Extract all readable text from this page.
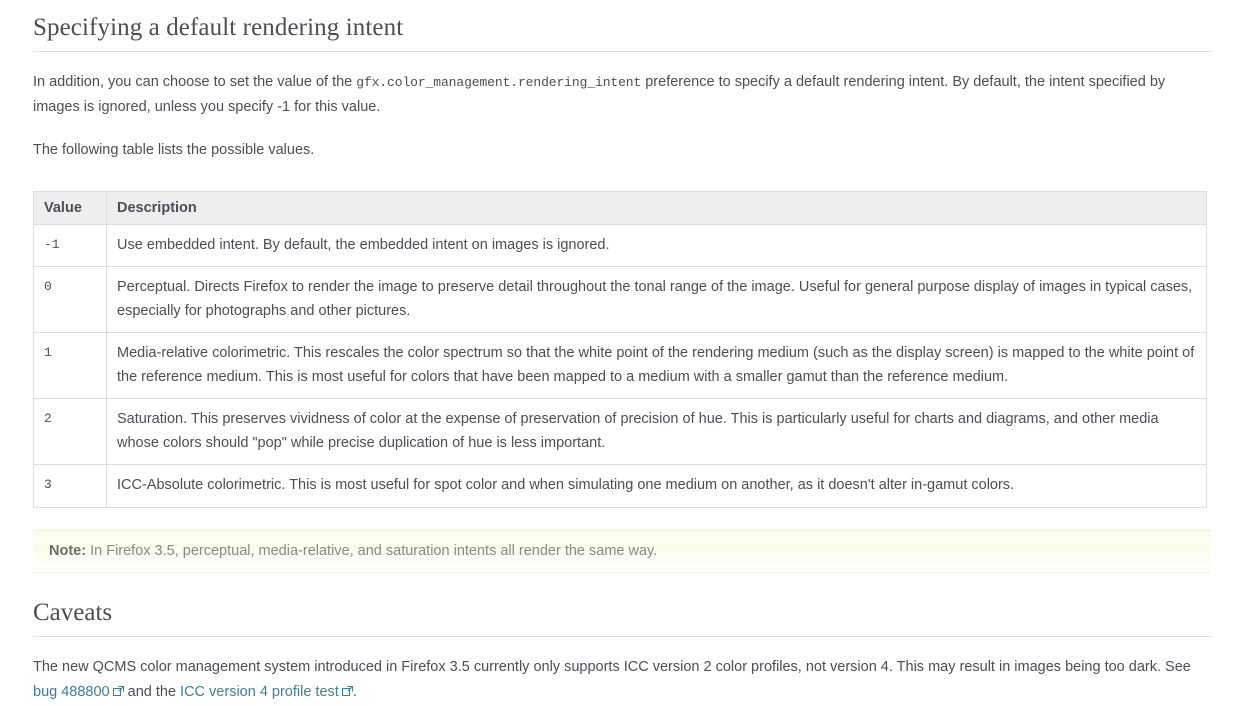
Specifying a default rendering intent

In addition, you can choose to set the value of the gfx.color_management.rendering_intent preference to specify a default rendering intent. By default, the intent specified by images is ignored, unless you specify -1 for this value.

The following table lists the possible values.

Value	Description
-1	Use embedded intent. By default, the embedded intent on images is ignored.
0	Perceptual. Directs Firefox to render the image to preserve detail throughout the tonal range of the image. Useful for general purpose display of images in typical cases, especially for photographs and other pictures.
1	Media-relative colorimetric. This rescales the color spectrum so that the white point of the rendering medium (such as the display screen) is mapped to the white point of the reference medium. This is most useful for colors that have been mapped to a medium with a smaller gamut than the reference medium.
2	Saturation. This preserves vividness of color at the expense of preservation of precision of hue. This is particularly useful for charts and diagrams, and other media whose colors should "pop" while precise duplication of hue is less important.
3	ICC-Absolute colorimetric. This is most useful for spot color and when simulating one medium on another, as it doesn't alter in-gamut colors.
Note: In Firefox 3.5, perceptual, media-relative, and saturation intents all render the same way.
Caveats

The new QCMS color management system introduced in Firefox 3.5 currently only supports ICC version 2 color profiles, not version 4. This may result in images being too dark. See bug 488800 and the ICC version 4 profile test .
